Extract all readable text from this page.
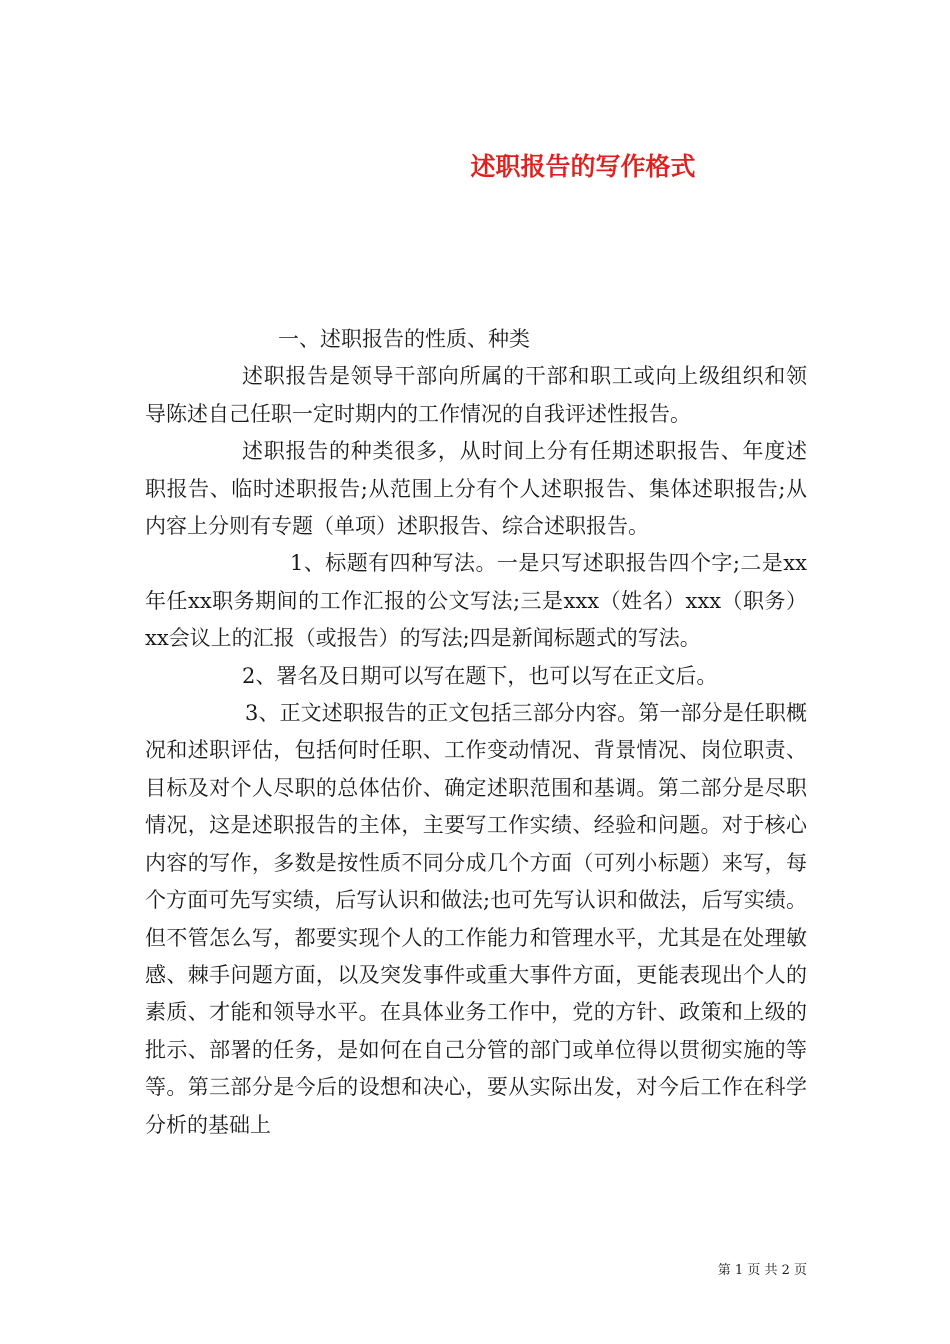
述职报告的写作格式

一、述职报告的性质、种类

述职报告是领导干部向所属的干部和职工或向上级组织和领导陈述自己任职一定时期内的工作情况的自我评述性报告。

述职报告的种类很多，从时间上分有任期述职报告、年度述职报告、临时述职报告;从范围上分有个人述职报告、集体述职报告;从内容上分则有专题（单项）述职报告、综合述职报告。

1、标题有四种写法。一是只写述职报告四个字;二是xx年任xx职务期间的工作汇报的公文写法;三是xxx（姓名）xxx（职务）xx会议上的汇报（或报告）的写法;四是新闻标题式的写法。

2、署名及日期可以写在题下，也可以写在正文后。

3、正文述职报告的正文包括三部分内容。第一部分是任职概况和述职评估，包括何时任职、工作变动情况、背景情况、岗位职责、目标及对个人尽职的总体估价、确定述职范围和基调。第二部分是尽职情况，这是述职报告的主体，主要写工作实绩、经验和问题。对于核心内容的写作，多数是按性质不同分成几个方面（可列小标题）来写，每个方面可先写实绩，后写认识和做法;也可先写认识和做法，后写实绩。但不管怎么写，都要实现个人的工作能力和管理水平，尤其是在处理敏感、棘手问题方面，以及突发事件或重大事件方面，更能表现出个人的素质、才能和领导水平。在具体业务工作中，党的方针、政策和上级的批示、部署的任务，是如何在自己分管的部门或单位得以贯彻实施的等等。第三部分是今后的设想和决心，要从实际出发，对今后工作在科学分析的基础上

第 1 页 共 2 页
